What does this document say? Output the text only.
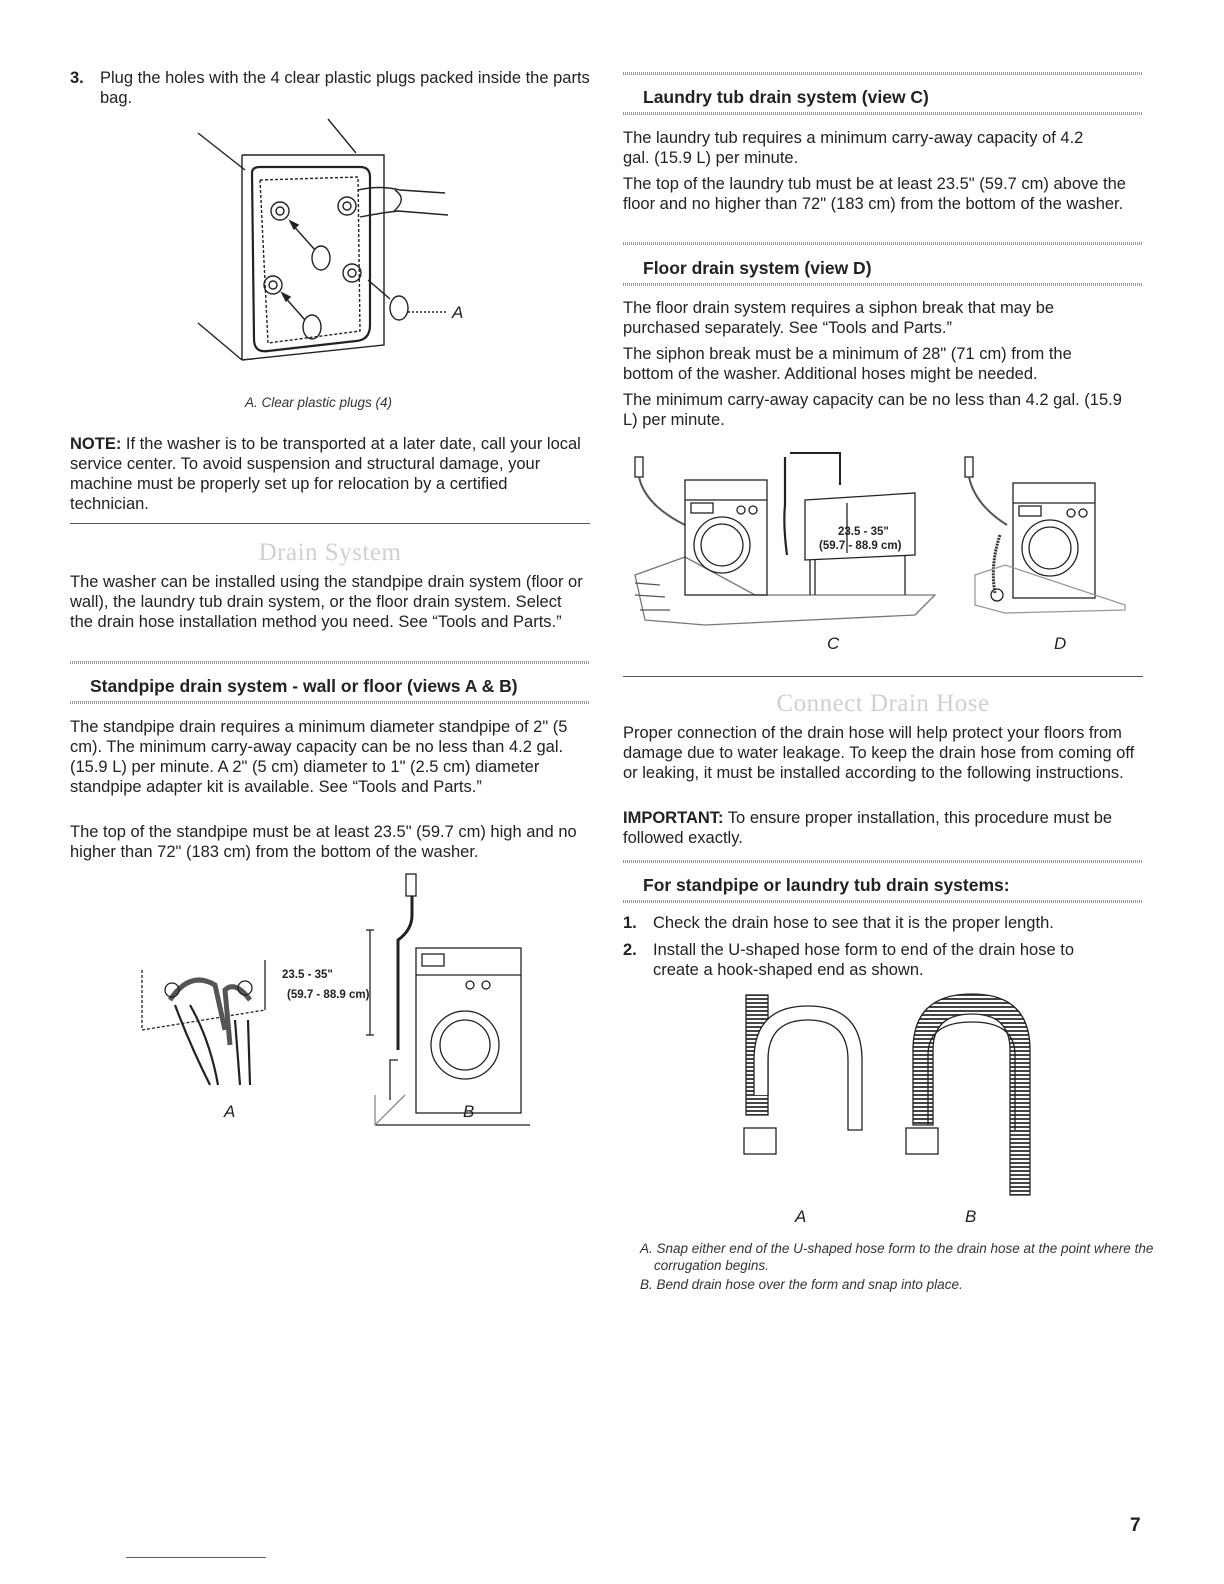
3. Plug the holes with the 4 clear plastic plugs packed inside the parts bag.
A
A. Clear plastic plugs (4)

NOTE: If the washer is to be transported at a later date, call your local service center. To avoid suspension and structural damage, your machine must be properly set up for relocation by a certified technician.

Drain System

The washer can be installed using the standpipe drain system (floor or wall), the laundry tub drain system, or the floor drain system. Select the drain hose installation method you need. See “Tools and Parts.”

Standpipe drain system - wall or floor (views A & B)

The standpipe drain requires a minimum diameter standpipe of 2" (5 cm). The minimum carry-away capacity can be no less than 4.2 gal. (15.9 L) per minute. A 2" (5 cm) diameter to 1" (2.5 cm) diameter standpipe adapter kit is available. See “Tools and Parts.”

The top of the standpipe must be at least 23.5" (59.7 cm) high and no higher than 72" (183 cm) from the bottom of the washer.

23.5 - 35"
(59.7 - 88.9 cm)
A	B
Laundry tub drain system (view C)

The laundry tub requires a minimum carry-away capacity of 4.2 gal. (15.9 L) per minute.

The top of the laundry tub must be at least 23.5" (59.7 cm) above the floor and no higher than 72" (183 cm) from the bottom of the washer.

Floor drain system (view D)

The floor drain system requires a siphon break that may be purchased separately. See “Tools and Parts.”

The siphon break must be a minimum of 28" (71 cm) from the bottom of the washer. Additional hoses might be needed.

The minimum carry-away capacity can be no less than 4.2 gal. (15.9 L) per minute.

23.5 - 35"
(59.7 - 88.9 cm)
C	D
Connect Drain Hose

Proper connection of the drain hose will help protect your floors from damage due to water leakage. To keep the drain hose from coming off or leaking, it must be installed according to the following instructions.

IMPORTANT: To ensure proper installation, this procedure must be followed exactly.

For standpipe or laundry tub drain systems:
1. Check the drain hose to see that it is the proper length.
2. Install the U-shaped hose form to end of the drain hose to create a hook-shaped end as shown.
A	B
A. Snap either end of the U-shaped hose form to the drain hose at the point where the corrugation begins.
B. Bend drain hose over the form and snap into place.
7
